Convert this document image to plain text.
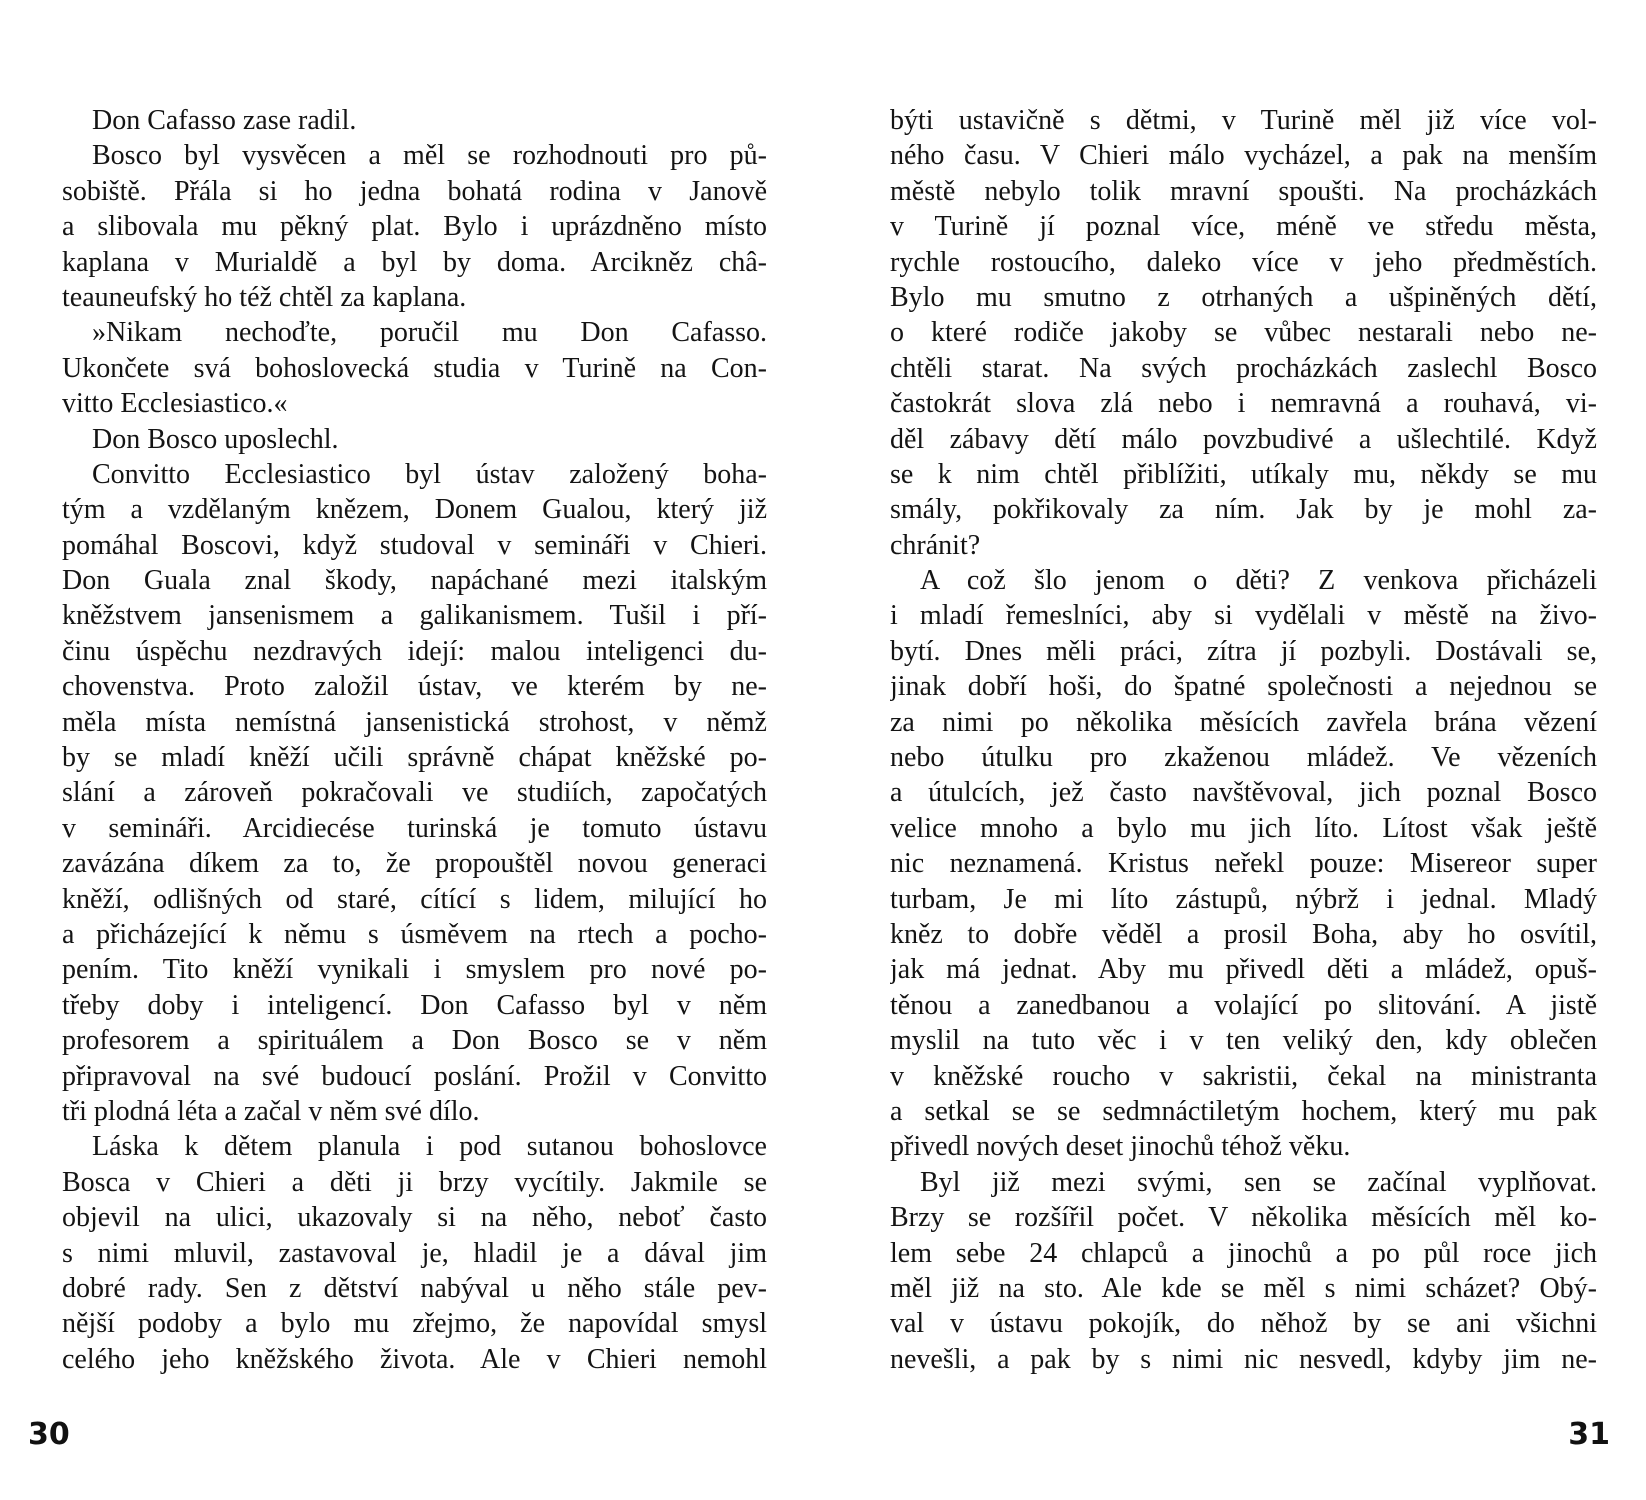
Don Cafasso zase radil.
Bosco byl vysvěcen a měl se rozhodnouti pro pů-
sobiště. Přála si ho jedna bohatá rodina v Janově
a slibovala mu pěkný plat. Bylo i uprázdněno místo
kaplana v Murialdě a byl by doma. Arcikněz châ-
teauneufský ho též chtěl za kaplana.
»Nikam nechoďte, poručil mu Don Cafasso.
Ukončete svá bohoslovecká studia v Turině na Con-
vitto Ecclesiastico.«
Don Bosco uposlechl.
Convitto Ecclesiastico byl ústav založený boha-
tým a vzdělaným knězem, Donem Gualou, který již
pomáhal Boscovi, když studoval v semináři v Chieri.
Don Guala znal škody, napáchané mezi italským
kněžstvem jansenismem a galikanismem. Tušil i pří-
činu úspěchu nezdravých idejí: malou inteligenci du-
chovenstva. Proto založil ústav, ve kterém by ne-
měla místa nemístná jansenistická strohost, v němž
by se mladí kněží učili správně chápat kněžské po-
slání a zároveň pokračovali ve studiích, započatých
v semináři. Arcidiecése turinská je tomuto ústavu
zavázána díkem za to, že propouštěl novou generaci
kněží, odlišných od staré, cítící s lidem, milující ho
a přicházející k němu s úsměvem na rtech a pocho-
pením. Tito kněží vynikali i smyslem pro nové po-
třeby doby i inteligencí. Don Cafasso byl v něm
profesorem a spirituálem a Don Bosco se v něm
připravoval na své budoucí poslání. Prožil v Convitto
tři plodná léta a začal v něm své dílo.
Láska k dětem planula i pod sutanou bohoslovce
Bosca v Chieri a děti ji brzy vycítily. Jakmile se
objevil na ulici, ukazovaly si na něho, neboť často
s nimi mluvil, zastavoval je, hladil je a dával jim
dobré rady. Sen z dětství nabýval u něho stále pev-
nější podoby a bylo mu zřejmo, že napovídal smysl
celého jeho kněžského života. Ale v Chieri nemohl
30
býti ustavičně s dětmi, v Turině měl již více vol-
ného času. V Chieri málo vycházel, a pak na menším
městě nebylo tolik mravní spoušti. Na procházkách
v Turině jí poznal více, méně ve středu města,
rychle rostoucího, daleko více v jeho předměstích.
Bylo mu smutno z otrhaných a ušpiněných dětí,
o které rodiče jakoby se vůbec nestarali nebo ne-
chtěli starat. Na svých procházkách zaslechl Bosco
častokrát slova zlá nebo i nemravná a rouhavá, vi-
děl zábavy dětí málo povzbudivé a ušlechtilé. Když
se k nim chtěl přiblížiti, utíkaly mu, někdy se mu
smály, pokřikovaly za ním. Jak by je mohl za-
chránit?
A což šlo jenom o děti? Z venkova přicházeli
i mladí řemeslníci, aby si vydělali v městě na živo-
bytí. Dnes měli práci, zítra jí pozbyli. Dostávali se,
jinak dobří hoši, do špatné společnosti a nejednou se
za nimi po několika měsících zavřela brána vězení
nebo útulku pro zkaženou mládež. Ve vězeních
a útulcích, jež často navštěvoval, jich poznal Bosco
velice mnoho a bylo mu jich líto. Lítost však ještě
nic neznamená. Kristus neřekl pouze: Misereor super
turbam, Je mi líto zástupů, nýbrž i jednal. Mladý
kněz to dobře věděl a prosil Boha, aby ho osvítil,
jak má jednat. Aby mu přivedl děti a mládež, opuš-
těnou a zanedbanou a volající po slitování. A jistě
myslil na tuto věc i v ten veliký den, kdy oblečen
v kněžské roucho v sakristii, čekal na ministranta
a setkal se se sedmnáctiletým hochem, který mu pak
přivedl nových deset jinochů téhož věku.
Byl již mezi svými, sen se začínal vyplňovat.
Brzy se rozšířil počet. V několika měsících měl ko-
lem sebe 24 chlapců a jinochů a po půl roce jich
měl již na sto. Ale kde se měl s nimi scházet? Obý-
val v ústavu pokojík, do něhož by se ani všichni
nevešli, a pak by s nimi nic nesvedl, kdyby jim ne-
31
